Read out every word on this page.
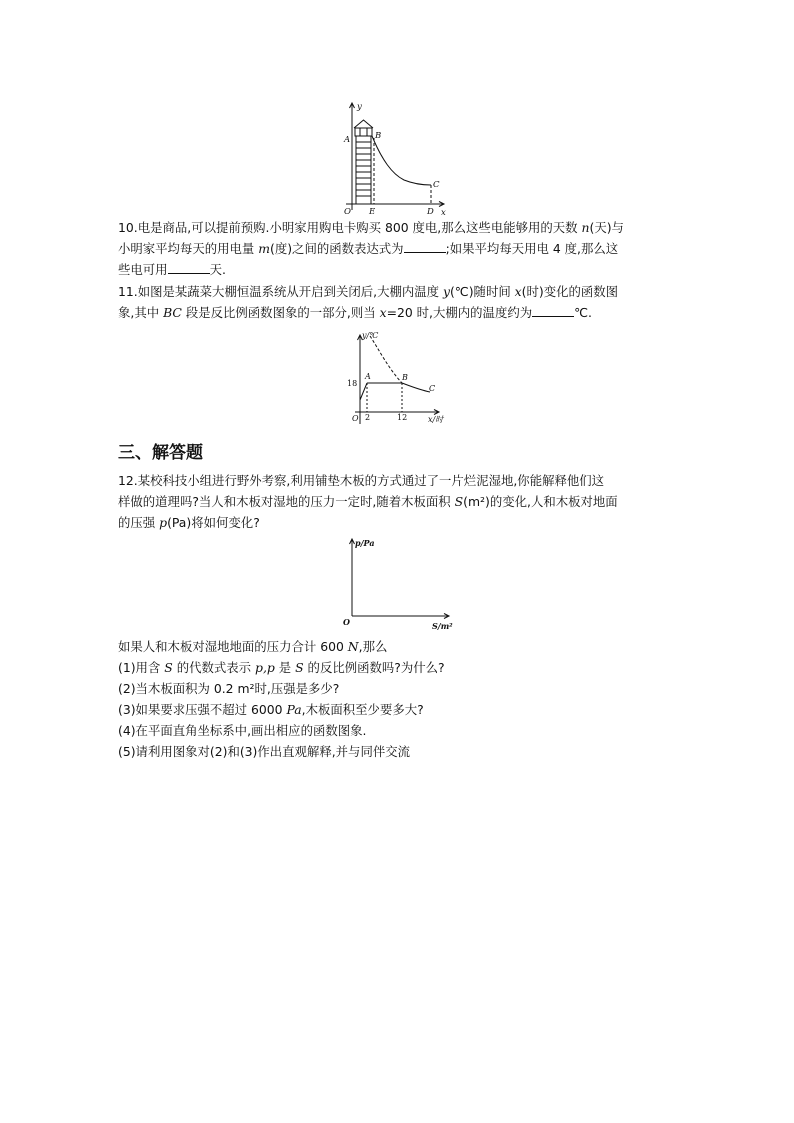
y
x
O
A	B
C
D
E
10.电是商品,可以提前预购.小明家用购电卡购买 800 度电,那么这些电能够用的天数 n(天)与
小明家平均每天的用电量 m(度)之间的函数表达式为	;如果平均每天用电 4 度,那么这
些电可用	天.
11.如图是某蔬菜大棚恒温系统从开启到关闭后,大棚内温度 y(℃)随时间 x(时)变化的函数图
象,其中 BC 段是反比例函数图象的一部分,则当 x=20 时,大棚内的温度约为	℃.
y/℃
x/时
O
18
2	12
A	B
C
三、解答题
12.某校科技小组进行野外考察,利用铺垫木板的方式通过了一片烂泥湿地,你能解释他们这
样做的道理吗?当人和木板对湿地的压力一定时,随着木板面积 S(m²)的变化,人和木板对地面
的压强 p(Pa)将如何变化?
p/Pa
S/m²
O
如果人和木板对湿地地面的压力合计 600 N,那么
(1)用含 S 的代数式表示 p,p 是 S 的反比例函数吗?为什么?
(2)当木板面积为 0.2 m²时,压强是多少?
(3)如果要求压强不超过 6000 Pa,木板面积至少要多大?
(4)在平面直角坐标系中,画出相应的函数图象.
(5)请利用图象对(2)和(3)作出直观解释,并与同伴交流
